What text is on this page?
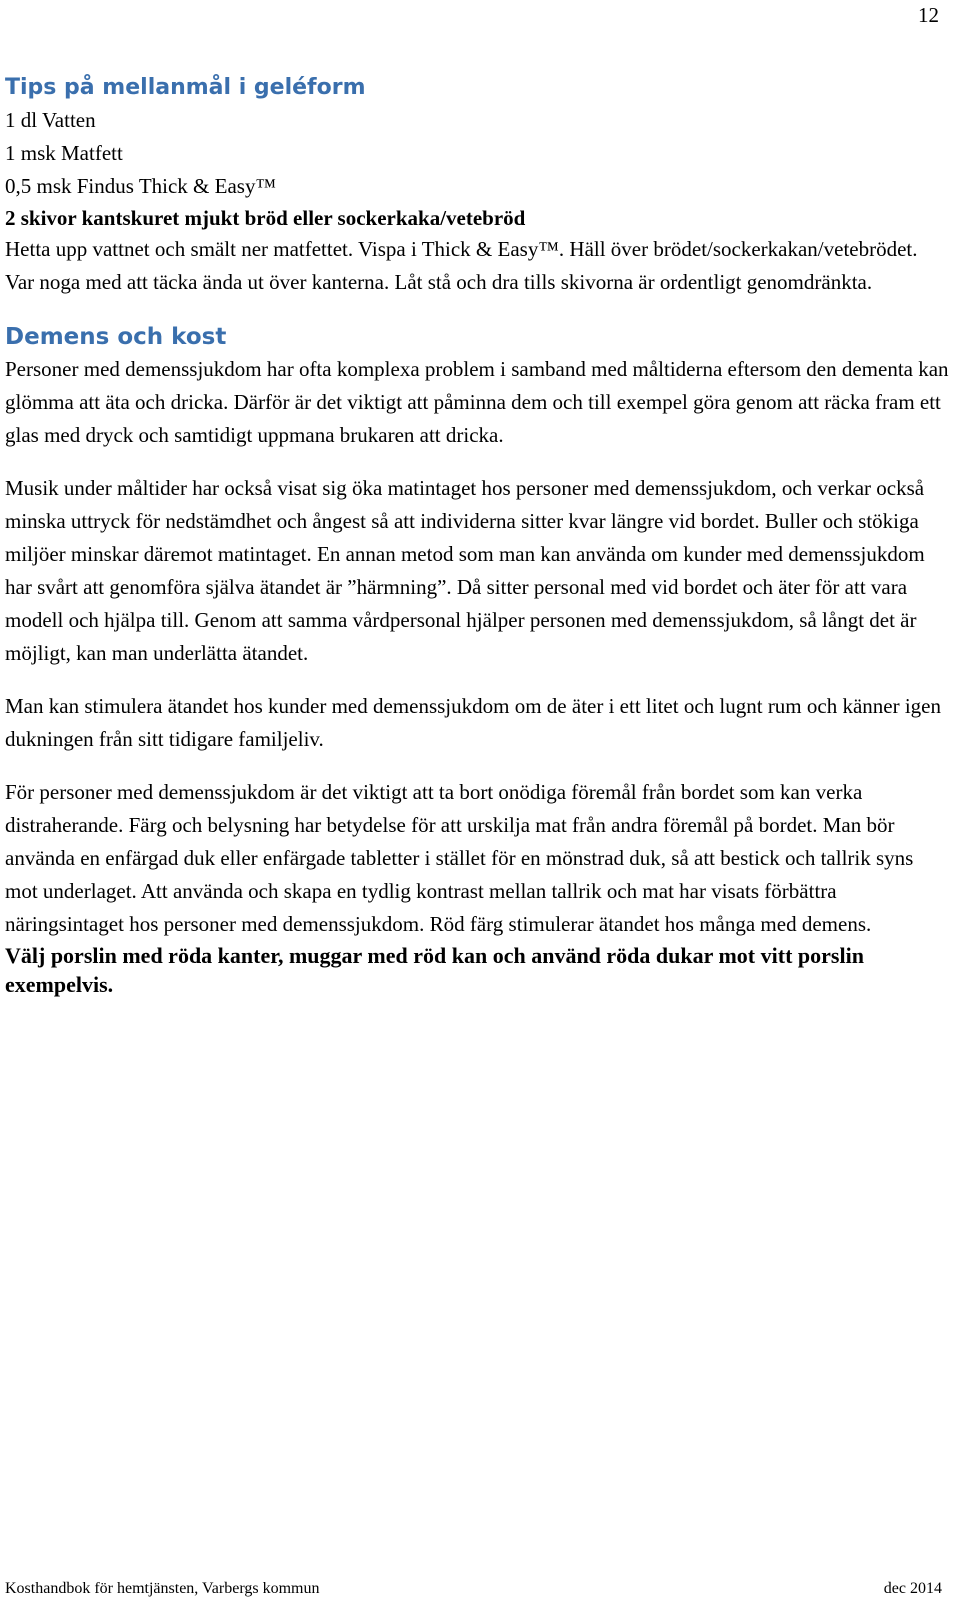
12
Tips på mellanmål i geléform

1 dl Vatten

1 msk Matfett

0,5 msk Findus Thick & Easy™

2 skivor kantskuret mjukt bröd eller sockerkaka/vetebröd

Hetta upp vattnet och smält ner matfettet. Vispa i Thick & Easy™. Häll över brödet/sockerkakan/vetebrödet. Var noga med att täcka ända ut över kanterna. Låt stå och dra tills skivorna är ordentligt genomdränkta.

Demens och kost

Personer med demenssjukdom har ofta komplexa problem i samband med måltiderna eftersom den dementa kan glömma att äta och dricka. Därför är det viktigt att påminna dem och till exempel göra genom att räcka fram ett glas med dryck och samtidigt uppmana brukaren att dricka.

Musik under måltider har också visat sig öka matintaget hos personer med demenssjukdom, och verkar också minska uttryck för nedstämdhet och ångest så att individerna sitter kvar längre vid bordet. Buller och stökiga miljöer minskar däremot matintaget. En annan metod som man kan använda om kunder med demenssjukdom har svårt att genomföra själva ätandet är ”härmning”. Då sitter personal med vid bordet och äter för att vara modell och hjälpa till. Genom att samma vårdpersonal hjälper personen med demenssjukdom, så långt det är möjligt, kan man underlätta ätandet.

Man kan stimulera ätandet hos kunder med demenssjukdom om de äter i ett litet och lugnt rum och känner igen dukningen från sitt tidigare familjeliv.

För personer med demenssjukdom är det viktigt att ta bort onödiga föremål från bordet som kan verka distraherande. Färg och belysning har betydelse för att urskilja mat från andra föremål på bordet. Man bör använda en enfärgad duk eller enfärgade tabletter i stället för en mönstrad duk, så att bestick och tallrik syns mot underlaget. Att använda och skapa en tydlig kontrast mellan tallrik och mat har visats förbättra näringsintaget hos personer med demenssjukdom. Röd färg stimulerar ätandet hos många med demens.

Välj porslin med röda kanter, muggar med röd kan och använd röda dukar mot vitt porslin exempelvis.

Kosthandbok för hemtjänsten, Varbergs kommun	dec 2014
